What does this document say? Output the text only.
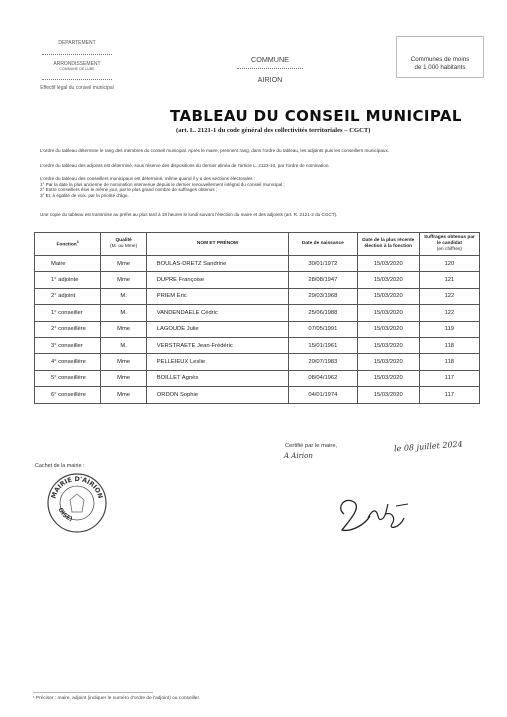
DEPARTEMENT
ARRONDISSEMENT
COMMUNE DE LUBE
Effectif légal du conseil municipal
COMMUNE
AIRION
Communes de moins
de 1 000 habitants
TABLEAU DU CONSEIL MUNICIPAL
(art. L. 2121-1 du code général des collectivités territoriales – CGCT)
L'ordre du tableau détermine le rang des membres du conseil municipal. Après le maire, prennent rang, dans l'ordre du tableau, les adjoints puis les conseillers municipaux.
L'ordre du tableau des adjoints est déterminé, sous réserve des dispositions du dernier alinéa de l'article L. 2122-10, par l'ordre de nomination.
L'ordre du tableau des conseillers municipaux est déterminé, même quand il y a des sections électorales :
1° Par la date la plus ancienne de nomination intervenue depuis le dernier renouvellement intégral du conseil municipal ;
2° Entre conseillers élus le même jour, par le plus grand nombre de suffrages obtenus ;
3° Et, à égalité de voix, par la priorité d'âge.
Une copie du tableau est transmise au préfet au plus tard à 18 heures le lundi suivant l'élection du maire et des adjoints (art. R. 2121-2 du CGCT).
Fonction$^1$	Qualité
(M. ou Mme)	NOM ET PRÉNOM	Date de naissance	Date de la plus récente élection à la fonction	Suffrages obtenus par le candidat
(en chiffres)
Maire	Mme	BOULAS-DRETZ Sandrine	30/01/1972	15/03/2020	120
1° adjointe	Mme	DUPRE Françoise	28/08/1947	15/03/2020	121
2° adjoint	M.	PRIEM Eric	29/03/1968	15/03/2020	122
1° conseiller	M.	VANDENDAELE Cédric	25/06/1988	15/03/2020	122
2° conseillère	Mme	LAGOUDE Julie	07/05/1991	15/03/2020	119
3° conseiller	M.	VERSTRAETE Jean-Frédéric	15/01/1961	15/03/2020	118
4° conseillère	Mme	PELLEIEUX Leslie	20/07/1983	15/03/2020	118
5° conseillère	Mme	BOILLET Agnès	08/04/1962	15/03/2020	117
6° conseillère	Mme	ORDON Sophie	04/01/1974	15/03/2020	117
Cachet de la mairie :
MAIRIE D'AIRION
OISE)
Certifié par le maire,
A Airion
le 08 juillet 2024
¹ Préciser : maire, adjoint (indiquer le numéro d'ordre de l'adjoint) ou conseiller.
